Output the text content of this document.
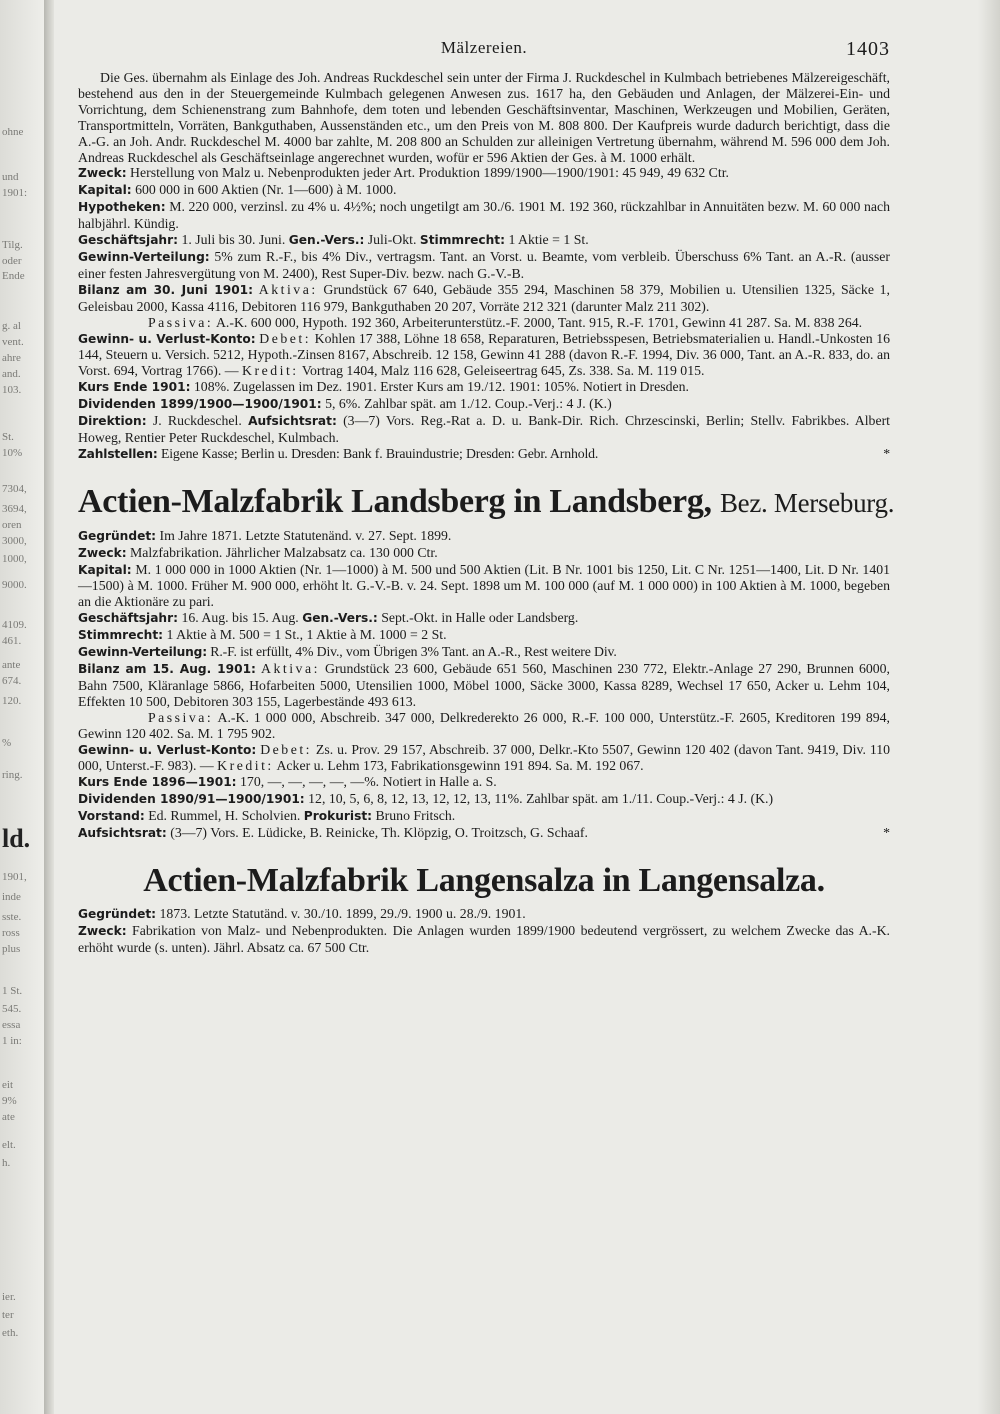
ohne
und
1901:
Tilg.
oder
Ende
g. al
vent.
ahre
and.
103.
St.
10%
7304,
3694,
oren
3000,
1000,
9000.
4109.
461.
ante
674.
120.
%
ring.
ld.
1901,
inde
sste.
ross
plus
1 St.
545.
essa
1 in:
eit
9%
ate
elt.
h.
ier.
ter
eth.
Mälzereien.	1403

Die Ges. übernahm als Einlage des Joh. Andreas Ruckdeschel sein unter der Firma J. Ruckdeschel in Kulmbach betriebenes Mälzereigeschäft, bestehend aus den in der Steuergemeinde Kulmbach gelegenen Anwesen zus. 1617 ha, den Gebäuden und Anlagen, der Mälzerei-Ein- und Vorrichtung, dem Schienenstrang zum Bahnhofe, dem toten und lebenden Geschäftsinventar, Maschinen, Werkzeugen und Mobilien, Geräten, Transportmitteln, Vorräten, Bankguthaben, Aussenständen etc., um den Preis von M. 808 800. Der Kaufpreis wurde dadurch berichtigt, dass die A.-G. an Joh. Andr. Ruckdeschel M. 4000 bar zahlte, M. 208 800 an Schulden zur alleinigen Vertretung übernahm, während M. 596 000 dem Joh. Andreas Ruckdeschel als Geschäftseinlage angerechnet wurden, wofür er 596 Aktien der Ges. à M. 1000 erhält.

Zweck: Herstellung von Malz u. Nebenprodukten jeder Art. Produktion 1899/1900—1900/1901: 45 949, 49 632 Ctr.

Kapital: 600 000 in 600 Aktien (Nr. 1—600) à M. 1000.

Hypotheken: M. 220 000, verzinsl. zu 4% u. 4½%; noch ungetilgt am 30./6. 1901 M. 192 360, rückzahlbar in Annuitäten bezw. M. 60 000 nach halbjährl. Kündig.

Geschäftsjahr: 1. Juli bis 30. Juni. Gen.-Vers.: Juli-Okt. Stimmrecht: 1 Aktie = 1 St.

Gewinn-Verteilung: 5% zum R.-F., bis 4% Div., vertragsm. Tant. an Vorst. u. Beamte, vom verbleib. Überschuss 6% Tant. an A.-R. (ausser einer festen Jahresvergütung von M. 2400), Rest Super-Div. bezw. nach G.-V.-B.

Bilanz am 30. Juni 1901: Aktiva: Grundstück 67 640, Gebäude 355 294, Maschinen 58 379, Mobilien u. Utensilien 1325, Säcke 1, Geleisbau 2000, Kassa 4116, Debitoren 116 979, Bankguthaben 20 207, Vorräte 212 321 (darunter Malz 211 302).

Passiva: A.-K. 600 000, Hypoth. 192 360, Arbeiterunterstütz.-F. 2000, Tant. 915, R.-F. 1701, Gewinn 41 287. Sa. M. 838 264.

Gewinn- u. Verlust-Konto: Debet: Kohlen 17 388, Löhne 18 658, Reparaturen, Betriebsspesen, Betriebsmaterialien u. Handl.-Unkosten 16 144, Steuern u. Versich. 5212, Hypoth.-Zinsen 8167, Abschreib. 12 158, Gewinn 41 288 (davon R.-F. 1994, Div. 36 000, Tant. an A.-R. 833, do. an Vorst. 694, Vortrag 1766). — Kredit: Vortrag 1404, Malz 116 628, Geleiseertrag 645, Zs. 338. Sa. M. 119 015.

Kurs Ende 1901: 108%. Zugelassen im Dez. 1901. Erster Kurs am 19./12. 1901: 105%. Notiert in Dresden.

Dividenden 1899/1900—1900/1901: 5, 6%. Zahlbar spät. am 1./12. Coup.-Verj.: 4 J. (K.)

Direktion: J. Ruckdeschel. Aufsichtsrat: (3—7) Vors. Reg.-Rat a. D. u. Bank-Dir. Rich. Chrzescinski, Berlin; Stellv. Fabrikbes. Albert Howeg, Rentier Peter Ruckdeschel, Kulmbach.

Zahlstellen: Eigene Kasse; Berlin u. Dresden: Bank f. Brauindustrie; Dresden: Gebr. Arnhold.	*

Actien-Malzfabrik Landsberg in Landsberg, Bez. Merseburg.

Gegründet: Im Jahre 1871. Letzte Statutenänd. v. 27. Sept. 1899.

Zweck: Malzfabrikation. Jährlicher Malzabsatz ca. 130 000 Ctr.

Kapital: M. 1 000 000 in 1000 Aktien (Nr. 1—1000) à M. 500 und 500 Aktien (Lit. B Nr. 1001 bis 1250, Lit. C Nr. 1251—1400, Lit. D Nr. 1401—1500) à M. 1000. Früher M. 900 000, erhöht lt. G.-V.-B. v. 24. Sept. 1898 um M. 100 000 (auf M. 1 000 000) in 100 Aktien à M. 1000, begeben an die Aktionäre zu pari.

Geschäftsjahr: 16. Aug. bis 15. Aug. Gen.-Vers.: Sept.-Okt. in Halle oder Landsberg.

Stimmrecht: 1 Aktie à M. 500 = 1 St., 1 Aktie à M. 1000 = 2 St.

Gewinn-Verteilung: R.-F. ist erfüllt, 4% Div., vom Übrigen 3% Tant. an A.-R., Rest weitere Div.

Bilanz am 15. Aug. 1901: Aktiva: Grundstück 23 600, Gebäude 651 560, Maschinen 230 772, Elektr.-Anlage 27 290, Brunnen 6000, Bahn 7500, Kläranlage 5866, Hofarbeiten 5000, Utensilien 1000, Möbel 1000, Säcke 3000, Kassa 8289, Wechsel 17 650, Acker u. Lehm 104, Effekten 10 500, Debitoren 303 155, Lagerbestände 493 613.

Passiva: A.-K. 1 000 000, Abschreib. 347 000, Delkrederekto 26 000, R.-F. 100 000, Unterstütz.-F. 2605, Kreditoren 199 894, Gewinn 120 402. Sa. M. 1 795 902.

Gewinn- u. Verlust-Konto: Debet: Zs. u. Prov. 29 157, Abschreib. 37 000, Delkr.-Kto 5507, Gewinn 120 402 (davon Tant. 9419, Div. 110 000, Unterst.-F. 983). — Kredit: Acker u. Lehm 173, Fabrikationsgewinn 191 894. Sa. M. 192 067.

Kurs Ende 1896—1901: 170, —, —, —, —, —%. Notiert in Halle a. S.

Dividenden 1890/91—1900/1901: 12, 10, 5, 6, 8, 12, 13, 12, 12, 13, 11%. Zahlbar spät. am 1./11. Coup.-Verj.: 4 J. (K.)

Vorstand: Ed. Rummel, H. Scholvien. Prokurist: Bruno Fritsch.

Aufsichtsrat: (3—7) Vors. E. Lüdicke, B. Reinicke, Th. Klöpzig, O. Troitzsch, G. Schaaf.	*

Actien-Malzfabrik Langensalza in Langensalza.

Gegründet: 1873. Letzte Statutänd. v. 30./10. 1899, 29./9. 1900 u. 28./9. 1901.

Zweck: Fabrikation von Malz- und Nebenprodukten. Die Anlagen wurden 1899/1900 bedeutend vergrössert, zu welchem Zwecke das A.-K. erhöht wurde (s. unten). Jährl. Absatz ca. 67 500 Ctr.
